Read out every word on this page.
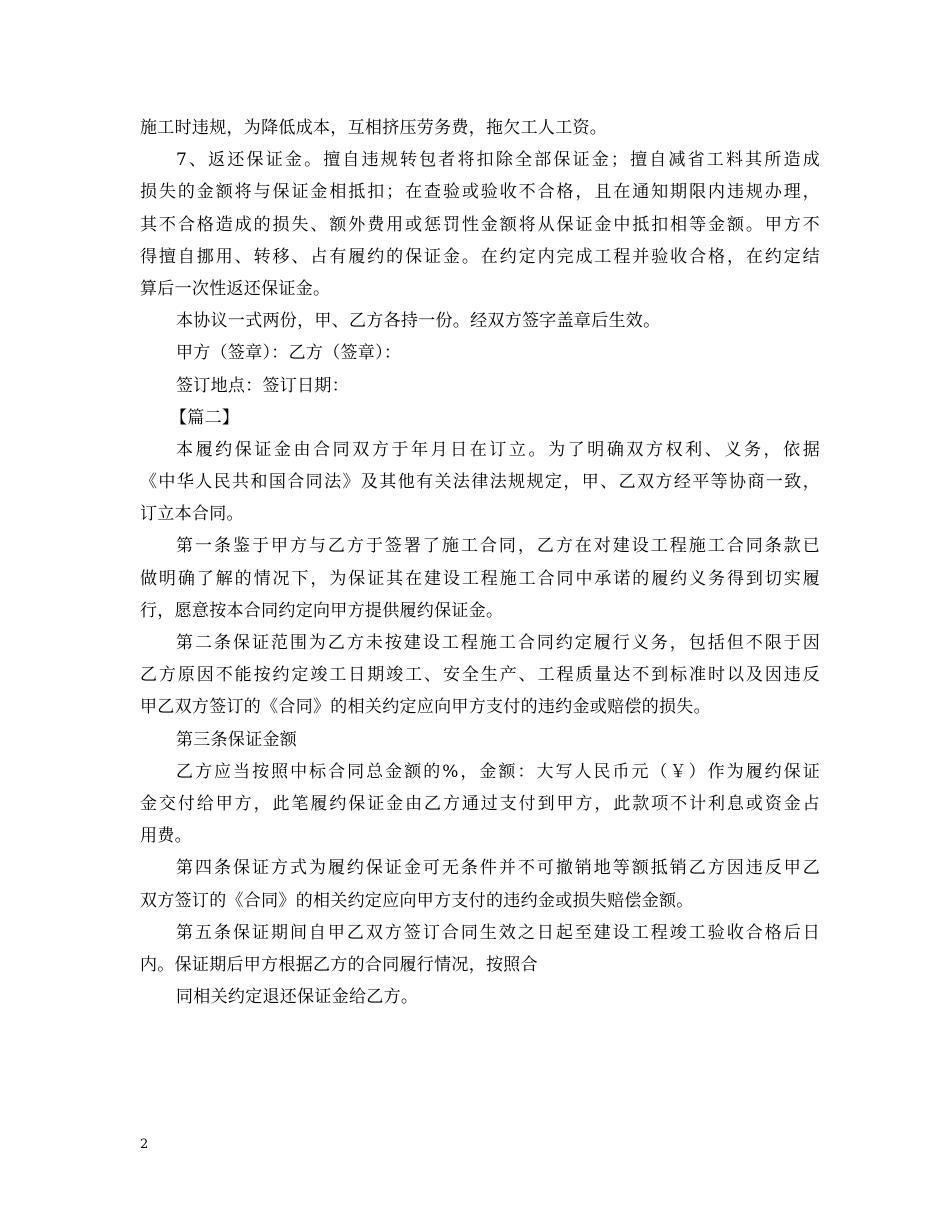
施工时违规，为降低成本，互相挤压劳务费，拖欠工人工资。
7、返还保证金。擅自违规转包者将扣除全部保证金；擅自减省工料其所造成
损失的金额将与保证金相抵扣；在查验或验收不合格，且在通知期限内违规办理，
其不合格造成的损失、额外费用或惩罚性金额将从保证金中抵扣相等金额。甲方不
得擅自挪用、转移、占有履约的保证金。在约定内完成工程并验收合格，在约定结
算后一次性返还保证金。
本协议一式两份，甲、乙方各持一份。经双方签字盖章后生效。
甲方（签章）：乙方（签章）：
签订地点：签订日期：
【篇二】
本履约保证金由合同双方于年月日在订立。为了明确双方权利、义务，依据
《中华人民共和国合同法》及其他有关法律法规规定，甲、乙双方经平等协商一致，
订立本合同。
第一条鉴于甲方与乙方于签署了施工合同，乙方在对建设工程施工合同条款已
做明确了解的情况下，为保证其在建设工程施工合同中承诺的履约义务得到切实履
行，愿意按本合同约定向甲方提供履约保证金。
第二条保证范围为乙方未按建设工程施工合同约定履行义务，包括但不限于因
乙方原因不能按约定竣工日期竣工、安全生产、工程质量达不到标准时以及因违反
甲乙双方签订的《合同》的相关约定应向甲方支付的违约金或赔偿的损失。
第三条保证金额
乙方应当按照中标合同总金额的%，金额：大写人民币元（￥）作为履约保证
金交付给甲方，此笔履约保证金由乙方通过支付到甲方，此款项不计利息或资金占
用费。
第四条保证方式为履约保证金可无条件并不可撤销地等额抵销乙方因违反甲乙
双方签订的《合同》的相关约定应向甲方支付的违约金或损失赔偿金额。
第五条保证期间自甲乙双方签订合同生效之日起至建设工程竣工验收合格后日
内。保证期后甲方根据乙方的合同履行情况，按照合
同相关约定退还保证金给乙方。
2
